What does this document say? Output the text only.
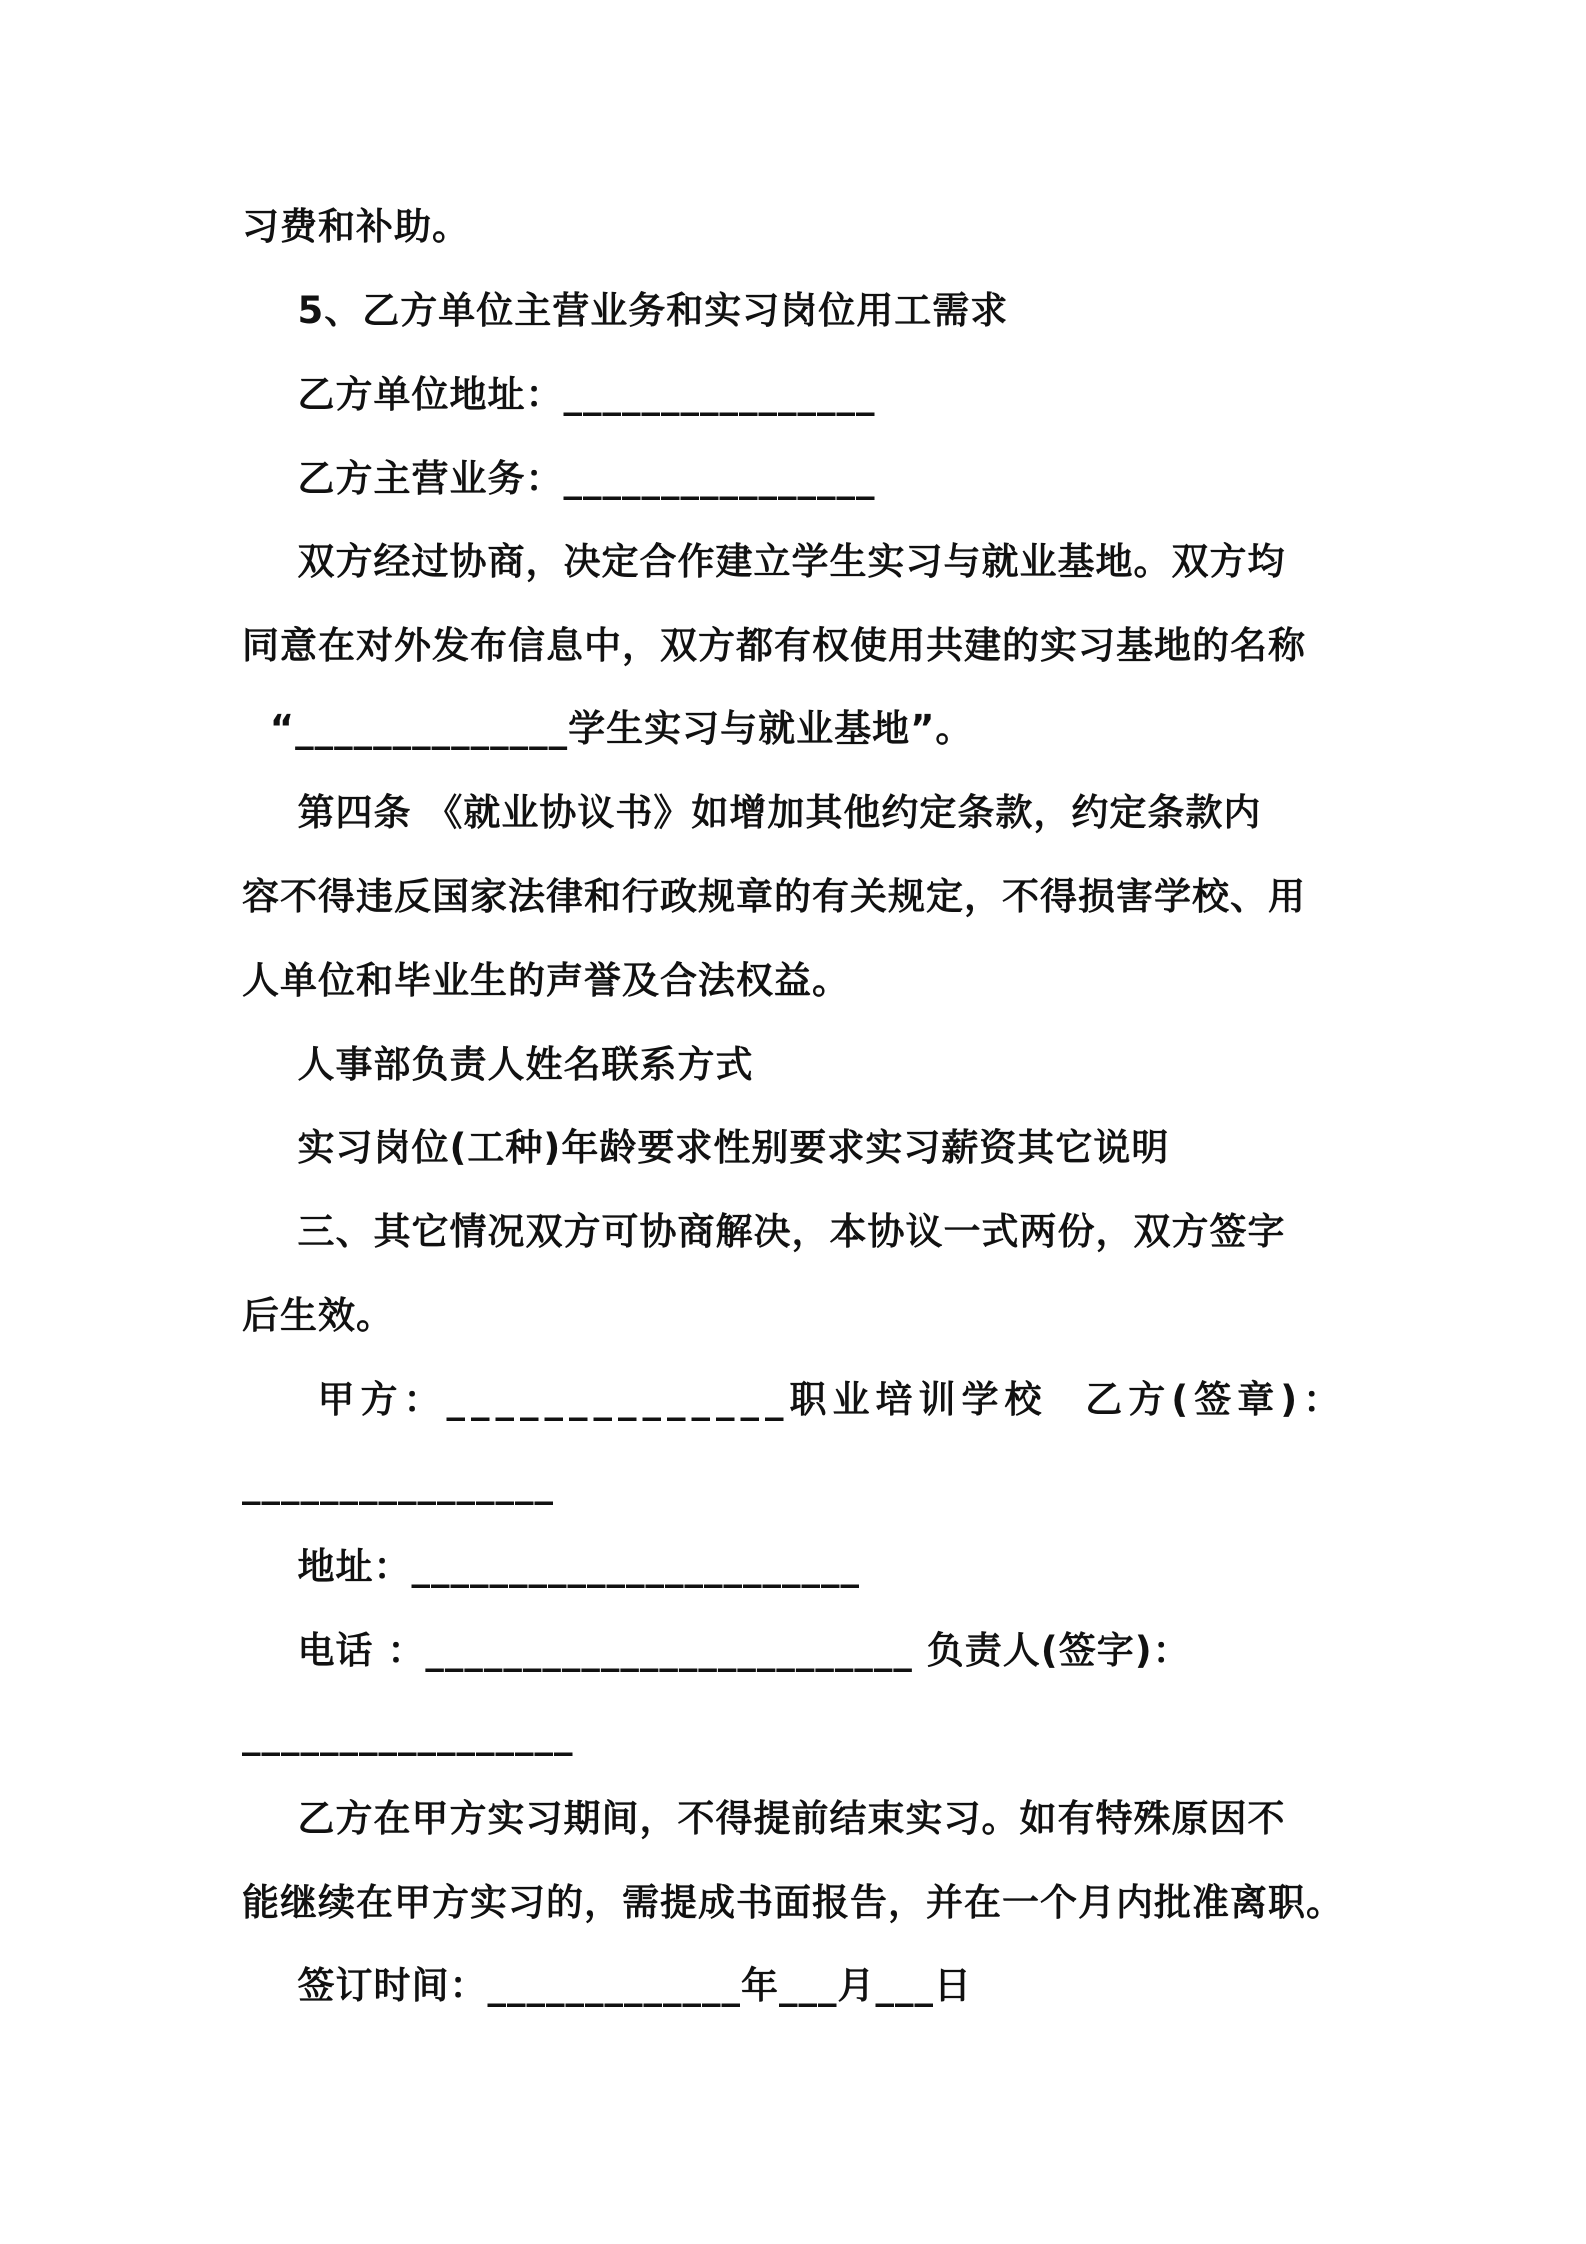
习费和补助。
5、乙方单位主营业务和实习岗位用工需求
乙方单位地址：________________
乙方主营业务：________________
双方经过协商，决定合作建立学生实习与就业基地。双方均
同意在对外发布信息中，双方都有权使用共建的实习基地的名称
“______________学生实习与就业基地”。
第四条 《就业协议书》如增加其他约定条款，约定条款内
容不得违反国家法律和行政规章的有关规定，不得损害学校、用
人单位和毕业生的声誉及合法权益。
人事部负责人姓名联系方式
实习岗位(工种)年龄要求性别要求实习薪资其它说明
三、其它情况双方可协商解决，本协议一式两份，双方签字
后生效。
甲方：______________职业培训学校  乙方(签章)：
________________
地址：_______________________
电话 ：_________________________ 负责人(签字)：
_________________
乙方在甲方实习期间，不得提前结束实习。如有特殊原因不
能继续在甲方实习的，需提成书面报告，并在一个月内批准离职。
签订时间：_____________年___月___日
